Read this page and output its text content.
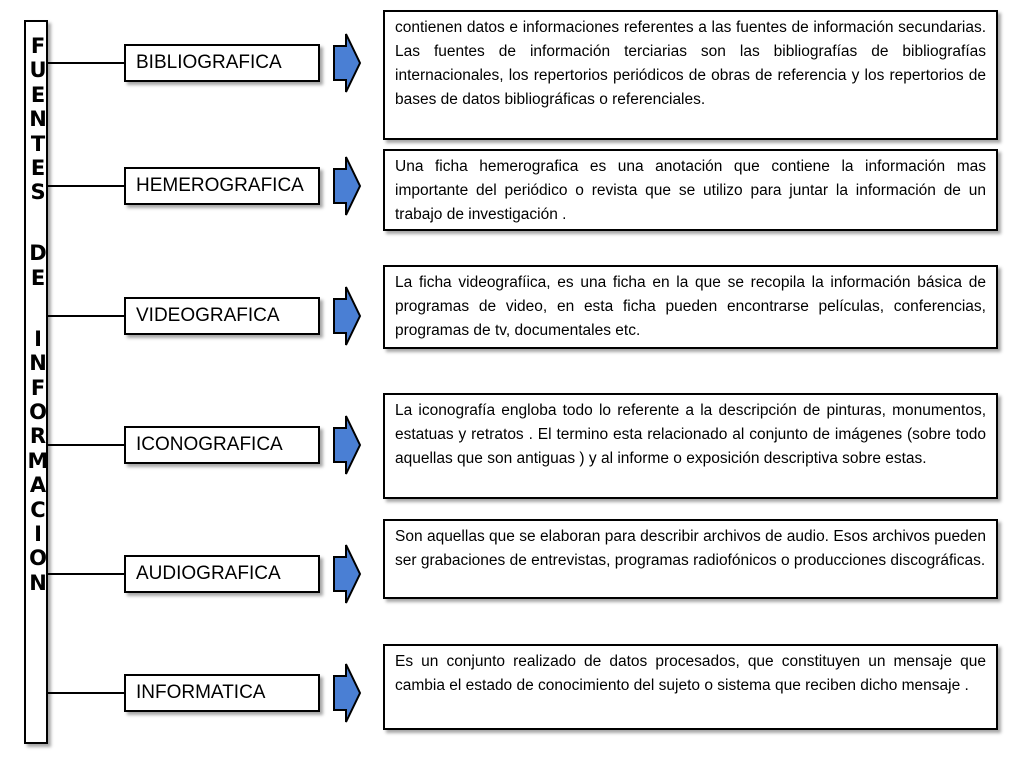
F
U
E
N
T
E
S
D
E
I
N
F
O
R
M
A
C
I
O
N
BIBLIOGRAFICA
contienen datos e informaciones referentes a las fuentes de información secundarias. Las fuentes de información terciarias son las bibliografías de bibliografías internacionales, los repertorios periódicos de obras de referencia y los repertorios de bases de datos bibliográficas o referenciales.
HEMEROGRAFICA
Una ficha hemerografica es una anotación que contiene la información mas importante del periódico o revista que se utilizo para juntar la información de un trabajo de investigación .
VIDEOGRAFICA
La ficha videografíica, es una ficha en la que se recopila la información básica de programas de video, en esta ficha pueden encontrarse películas, conferencias, programas de tv, documentales etc.
ICONOGRAFICA
La iconografía engloba todo lo referente a la descripción de pinturas, monumentos, estatuas y retratos . El termino esta relacionado al conjunto de imágenes (sobre todo aquellas que son antiguas ) y al informe o exposición descriptiva sobre estas.
AUDIOGRAFICA
Son aquellas que se elaboran para describir archivos de audio. Esos archivos pueden ser grabaciones de entrevistas, programas radiofónicos o producciones discográficas.
INFORMATICA
Es un conjunto realizado de datos procesados, que constituyen un mensaje que cambia el estado de conocimiento del sujeto o sistema que reciben dicho mensaje .
